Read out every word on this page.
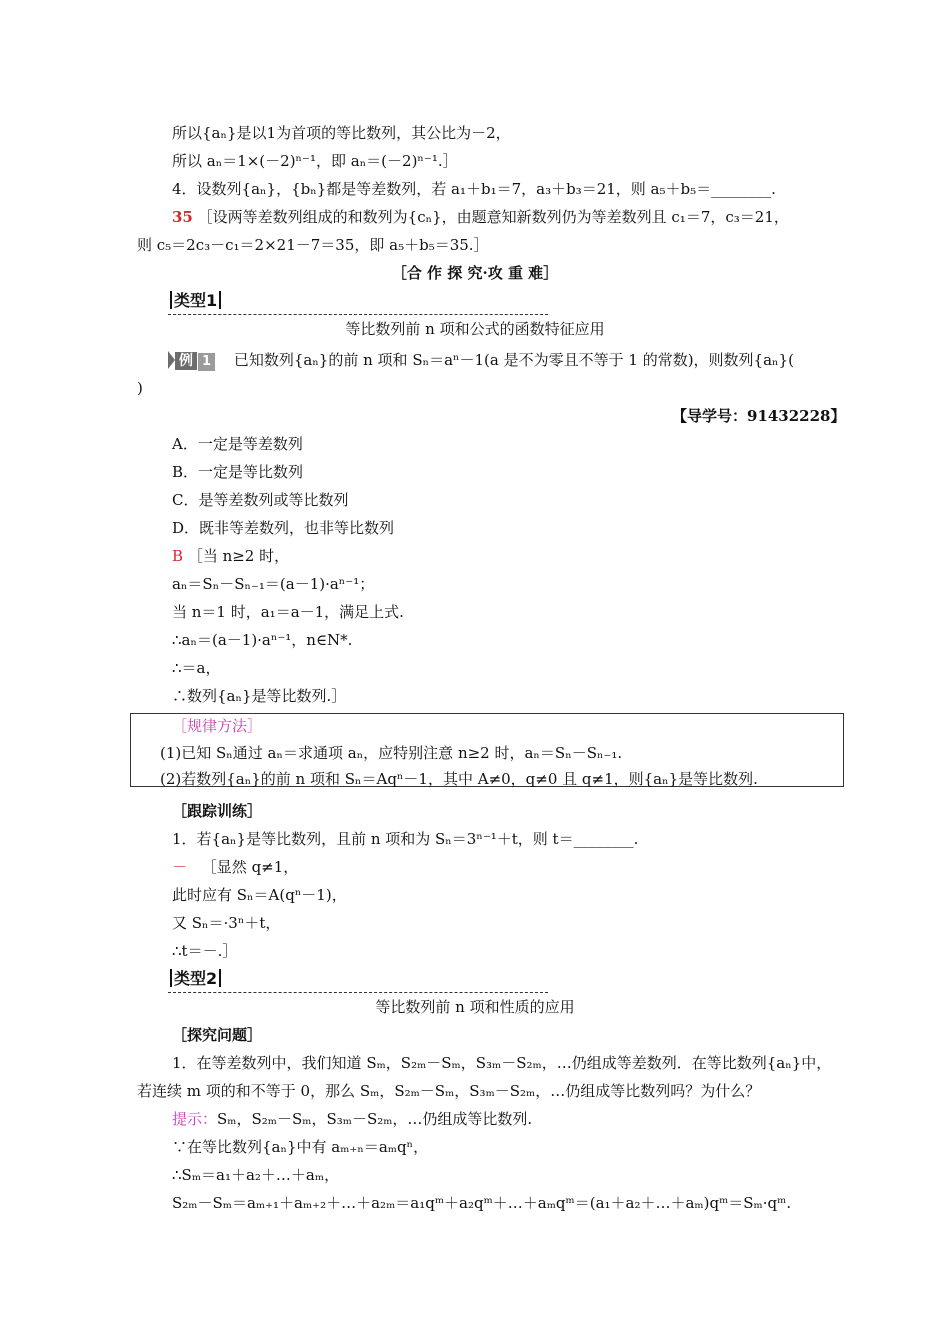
所以{aₙ}是以1为首项的等比数列，其公比为－2，
所以 aₙ＝1×(－2)ⁿ⁻¹，即 aₙ＝(－2)ⁿ⁻¹.］
4．设数列{aₙ}，{bₙ}都是等差数列，若 a₁＋b₁＝7，a₃＋b₃＝21，则 a₅＋b₅＝________.
35 ［设两等差数列组成的和数列为{cₙ}，由题意知新数列仍为等差数列且 c₁＝7，c₃＝21，
则 c₅＝2c₃－c₁＝2×21－7＝35，即 a₅＋b₅＝35.］
［合 作 探 究·攻 重 难］
类型1
等比数列前 n 项和公式的函数特征应用
例 1 已知数列{aₙ}的前 n 项和 Sₙ＝aⁿ－1(a 是不为零且不等于 1 的常数)，则数列{aₙ}(
)
【导学号：91432228】
A．一定是等差数列
B．一定是等比数列
C．是等差数列或等比数列
D．既非等差数列，也非等比数列
B ［当 n≥2 时，
aₙ＝Sₙ－Sₙ₋₁＝(a－1)·aⁿ⁻¹；
当 n＝1 时，a₁＝a－1，满足上式.
∴aₙ＝(a－1)·aⁿ⁻¹，n∈N*.
∴＝a，
∴数列{aₙ}是等比数列.］
［规律方法］
(1)已知 Sₙ通过 aₙ＝求通项 aₙ，应特别注意 n≥2 时，aₙ＝Sₙ－Sₙ₋₁.
(2)若数列{aₙ}的前 n 项和 Sₙ＝Aqⁿ－1，其中 A≠0，q≠0 且 q≠1，则{aₙ}是等比数列.
［跟踪训练］
1．若{aₙ}是等比数列，且前 n 项和为 Sₙ＝3ⁿ⁻¹＋t，则 t＝________.
－ ［显然 q≠1，
此时应有 Sₙ＝A(qⁿ－1)，
又 Sₙ＝·3ⁿ＋t，
∴t＝－.］
类型2
等比数列前 n 项和性质的应用
［探究问题］
1．在等差数列中，我们知道 Sₘ，S₂ₘ－Sₘ，S₃ₘ－S₂ₘ，…仍组成等差数列．在等比数列{aₙ}中，
若连续 m 项的和不等于 0，那么 Sₘ，S₂ₘ－Sₘ，S₃ₘ－S₂ₘ，…仍组成等比数列吗？为什么？
提示：Sₘ，S₂ₘ－Sₘ，S₃ₘ－S₂ₘ，…仍组成等比数列.
∵在等比数列{aₙ}中有 aₘ₊ₙ＝aₘqⁿ，
∴Sₘ＝a₁＋a₂＋…＋aₘ，
S₂ₘ－Sₘ＝aₘ₊₁＋aₘ₊₂＋…＋a₂ₘ＝a₁qᵐ＋a₂qᵐ＋…＋aₘqᵐ＝(a₁＋a₂＋…＋aₘ)qᵐ＝Sₘ·qᵐ.
